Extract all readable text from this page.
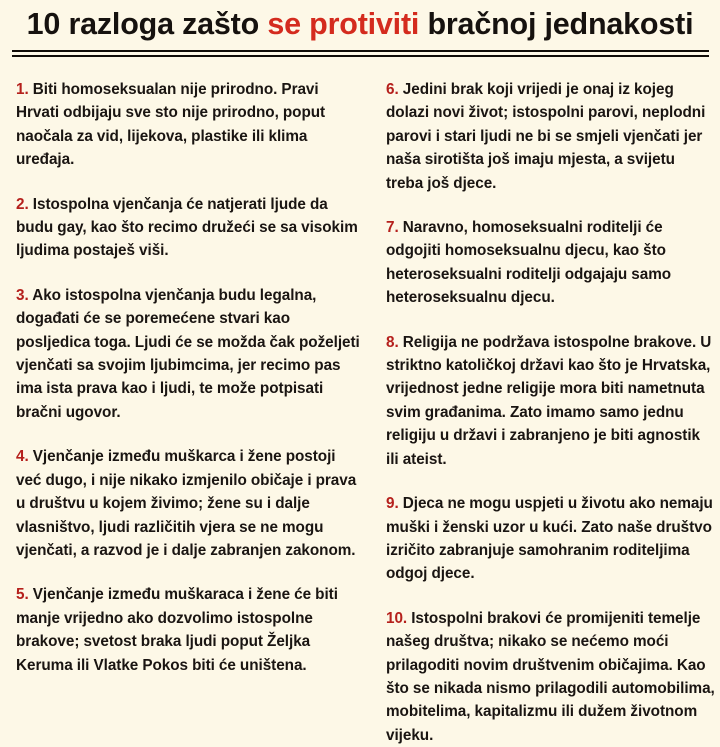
10 razloga zašto se protiviti bračnoj jednakosti

1. Biti homoseksualan nije prirodno. Pravi Hrvati odbijaju sve sto nije prirodno, poput naočala za vid, lijekova, plastike ili klima uređaja.

2. Istospolna vjenčanja će natjerati ljude da budu gay, kao što recimo družeći se sa visokim ljudima postaješ viši.

3. Ako istospolna vjenčanja budu legalna, događati će se poremećene stvari kao posljedica toga. Ljudi će se možda čak poželjeti vjenčati sa svojim ljubimcima, jer recimo pas ima ista prava kao i ljudi, te može potpisati bračni ugovor.

4. Vjenčanje između muškarca i žene postoji već dugo, i nije nikako izmjenilo običaje i prava u društvu u kojem živimo; žene su i dalje vlasništvo, ljudi različitih vjera se ne mogu vjenčati, a razvod je i dalje zabranjen zakonom.

5. Vjenčanje između muškaraca i žene će biti manje vrijedno ako dozvolimo istospolne brakove; svetost braka ljudi poput Željka Keruma ili Vlatke Pokos biti će uništena.

6. Jedini brak koji vrijedi je onaj iz kojeg dolazi novi život; istospolni parovi, neplodni parovi i stari ljudi ne bi se smjeli vjenčati jer naša sirotišta još imaju mjesta, a svijetu treba još djece.

7. Naravno, homoseksualni roditelji će odgojiti homoseksualnu djecu, kao što heteroseksualni roditelji odgajaju samo heteroseksualnu djecu.

8. Religija ne podržava istospolne brakove. U striktno katoličkoj državi kao što je Hrvatska, vrijednost jedne religije mora biti nametnuta svim građanima. Zato imamo samo jednu religiju u državi i zabranjeno je biti agnostik ili ateist.

9. Djeca ne mogu uspjeti u životu ako nemaju muški i ženski uzor u kući. Zato naše društvo izričito zabranjuje samohranim roditeljima odgoj djece.

10. Istospolni brakovi će promijeniti temelje našeg društva; nikako se nećemo moći prilagoditi novim društvenim običajima. Kao što se nikada nismo prilagodili automobilima, mobitelima, kapitalizmu ili dužem životnom vijeku.
